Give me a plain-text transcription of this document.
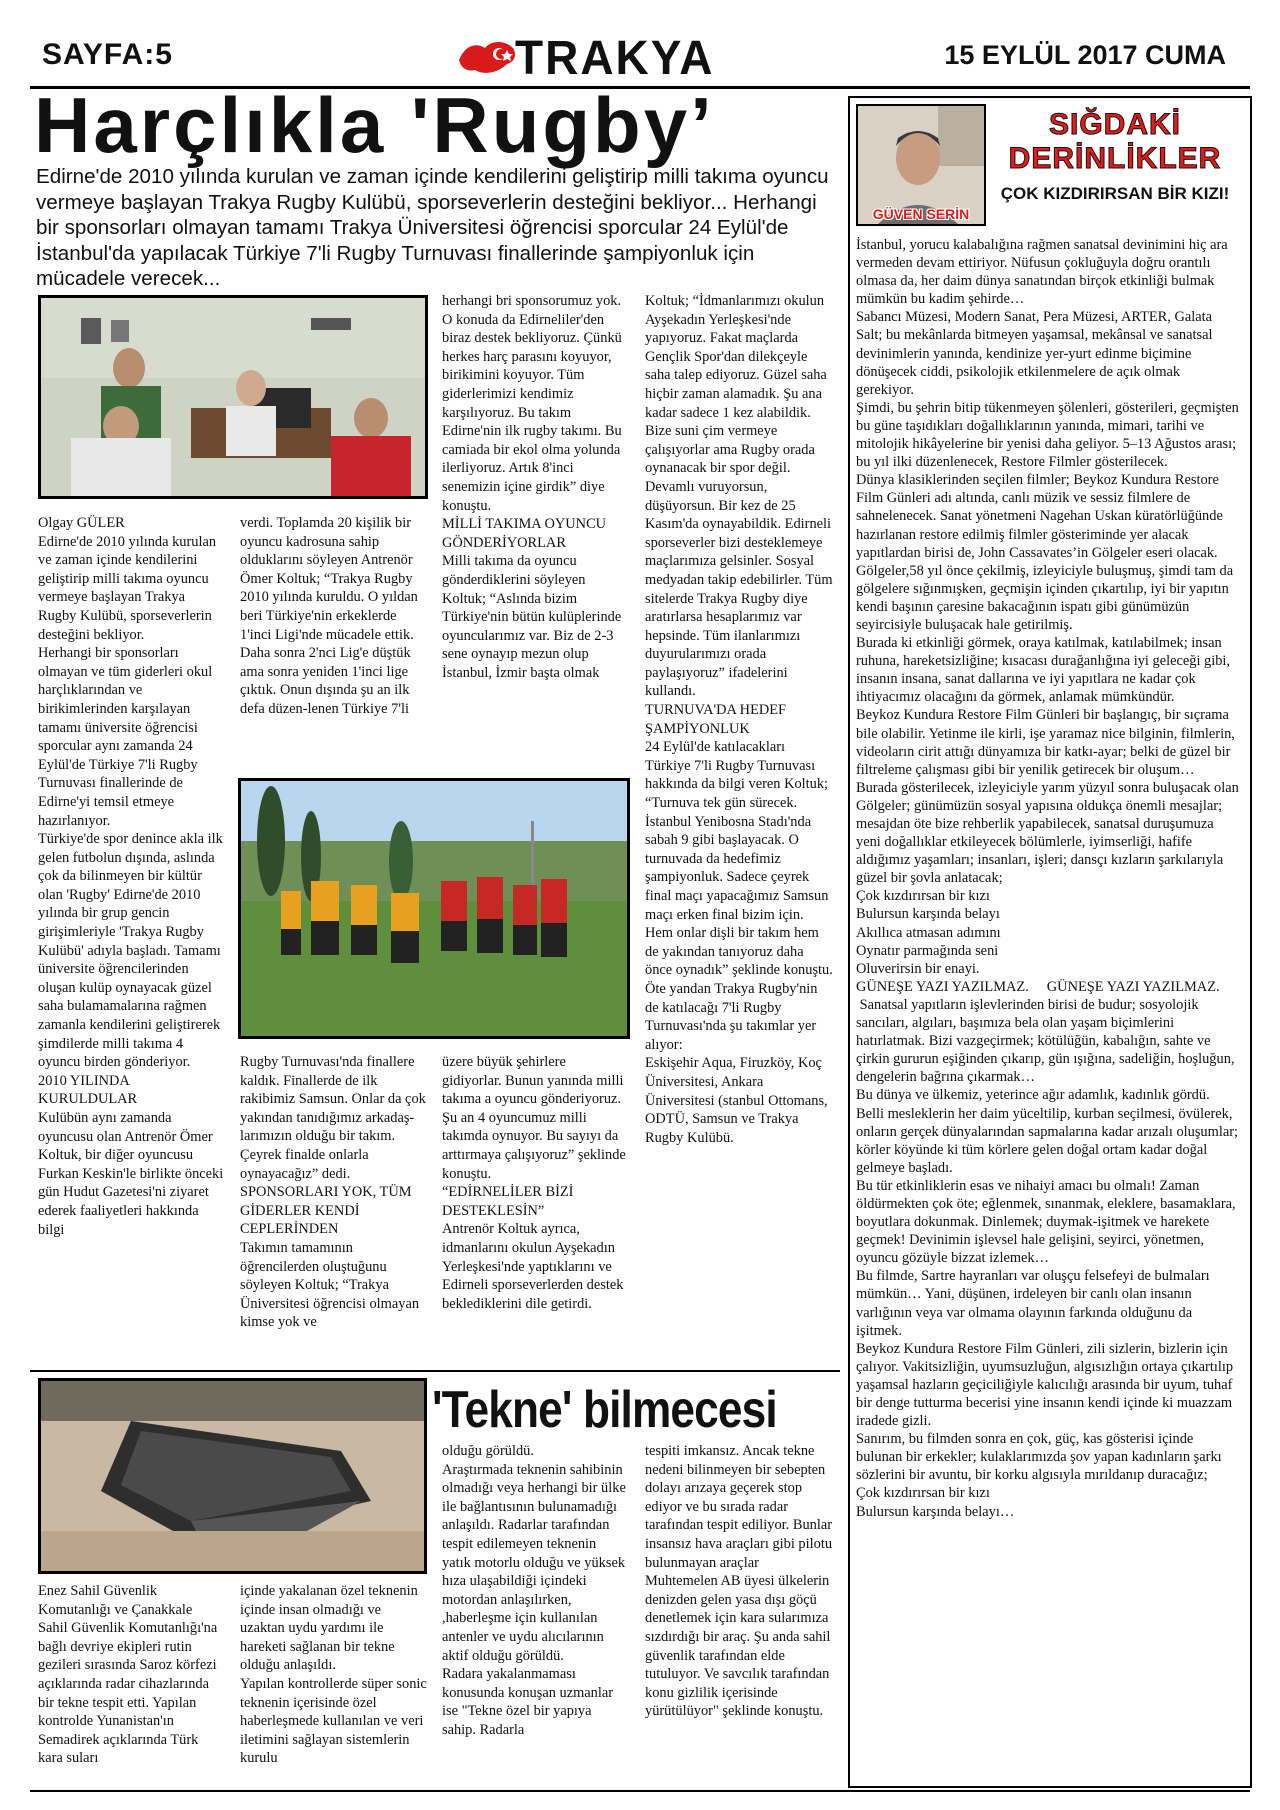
SAYFA:5	TRAKYA	15 EYLÜL 2017 CUMA
Harçlıkla 'Rugby’
Edirne'de 2010 yılında kurulan ve zaman içinde kendilerini geliştirip milli takıma oyuncu vermeye başlayan Trakya Rugby Kulübü, sporseverlerin desteğini bekliyor... Herhangi bir sponsorları olmayan tamamı Trakya Üniversitesi öğrencisi sporcular 24 Eylül'de İstanbul'da yapılacak Türkiye 7'li Rugby Turnuvası finallerinde şampiyonluk için mücadele verecek...
Olgay GÜLER
Edirne'de 2010 yılında kurulan ve zaman içinde kendilerini geliştirip milli takıma oyuncu vermeye başlayan Trakya Rugby Kulübü, sporseverlerin desteğini bekliyor.
Herhangi bir sponsorları olmayan ve tüm giderleri okul harçlıklarından ve birikimlerinden karşılayan tamamı üniversite öğrencisi sporcular aynı zamanda 24 Eylül'de Türkiye 7'li Rugby Turnuvası finallerinde de Edirne'yi temsil etmeye hazırlanıyor.
Türkiye'de spor denince akla ilk gelen futbolun dışında, aslında çok da bilinmeyen bir kültür olan 'Rugby' Edirne'de 2010 yılında bir grup gencin girişimleriyle 'Trakya Rugby Kulübü' adıyla başladı. Tamamı üniversite öğrencilerinden oluşan kulüp oynayacak güzel saha bulamamalarına rağmen zamanla kendilerini geliştirerek şimdilerde milli takıma 4 oyuncu birden gönderiyor.
2010 YILINDA KURULDULAR
Kulübün aynı zamanda oyuncusu olan Antrenör Ömer Koltuk, bir diğer oyuncusu Furkan Keskin'le birlikte önceki gün Hudut Gazetesi'ni ziyaret ederek faaliyetleri hakkında bilgi
verdi. Toplamda 20 kişilik bir oyuncu kadrosuna sahip olduklarını söyleyen Antrenör Ömer Koltuk; “Trakya Rugby 2010 yılında kuruldu. O yıldan beri Türkiye'nin erkeklerde 1'inci Ligi'nde mücadele ettik. Daha sonra 2'nci Lig'e düştük ama sonra yeniden 1'inci lige çıktık. Onun dışında şu an ilk defa düzen-lenen Türkiye 7'li
Rugby Turnuvası'nda finallere kaldık. Finallerde de ilk rakibimiz Samsun. Onlar da çok yakından tanıdığımız arkadaş-larımızın olduğu bir takım. Çeyrek finalde onlarla oynayacağız” dedi.
SPONSORLARI YOK, TÜM GİDERLER KENDİ CEPLERİNDEN
Takımın tamamının öğrencilerden oluştuğunu söyleyen Koltuk; “Trakya Üniversitesi öğrencisi olmayan kimse yok ve
herhangi bri sponsorumuz yok. O konuda da Edirneliler'den biraz destek bekliyoruz. Çünkü herkes harç parasını koyuyor, birikimini koyuyor. Tüm giderlerimizi kendimiz karşılıyoruz. Bu takım Edirne'nin ilk rugby takımı. Bu camiada bir ekol olma yolunda ilerliyoruz. Artık 8'inci senemizin içine girdik” diye konuştu.
MİLLİ TAKIMA OYUNCU GÖNDERİYORLAR
Milli takıma da oyuncu gönderdiklerini söyleyen Koltuk; “Aslında bizim Türkiye'nin bütün kulüplerinde oyuncularımız var. Biz de 2-3 sene oynayıp mezun olup İstanbul, İzmir başta olmak
üzere büyük şehirlere gidiyorlar. Bunun yanında milli takıma a oyuncu gönderiyoruz. Şu an 4 oyuncumuz milli takımda oynuyor. Bu sayıyı da arttırmaya çalışıyoruz” şeklinde konuştu.
“EDİRNELİLER BİZİ DESTEKLESİN”
Antrenör Koltuk ayrıca, idmanlarını okulun Ayşekadın Yerleşkesi'nde yaptıklarını ve Edirneli sporseverlerden destek beklediklerini dile getirdi.
Koltuk; “İdmanlarımızı okulun Ayşekadın Yerleşkesi'nde yapıyoruz. Fakat maçlarda Gençlik Spor'dan dilekçeyle saha talep ediyoruz. Güzel saha hiçbir zaman alamadık. Şu ana kadar sadece 1 kez alabildik. Bize suni çim vermeye çalışıyorlar ama Rugby orada oynanacak bir spor değil. Devamlı vuruyorsun, düşüyorsun. Bir kez de 25 Kasım'da oynayabildik. Edirneli sporseverler bizi desteklemeye maçlarımıza gelsinler. Sosyal medyadan takip edebilirler. Tüm sitelerde Trakya Rugby diye aratırlarsa hesaplarımız var hepsinde. Tüm ilanlarımızı duyurularımızı orada paylaşıyoruz” ifadelerini kullandı.
TURNUVA'DA HEDEF ŞAMPİYONLUK
24 Eylül'de katılacakları Türkiye 7'li Rugby Turnuvası hakkında da bilgi veren Koltuk; “Turnuva tek gün sürecek. İstanbul Yenibosna Stadı'nda sabah 9 gibi başlayacak. O turnuvada da hedefimiz şampiyonluk. Sadece çeyrek final maçı yapacağımız Samsun maçı erken final bizim için. Hem onlar dişli bir takım hem de yakından tanıyoruz daha önce oynadık” şeklinde konuştu.
Öte yandan Trakya Rugby'nin de katılacağı 7'li Rugby Turnuvası'nda şu takımlar yer alıyor:
Eskişehir Aqua, Firuzköy, Koç Üniversitesi, Ankara Üniversitesi (stanbul Ottomans, ODTÜ, Samsun ve Trakya Rugby Kulübü.
'Tekne' bilmecesi
Enez Sahil Güvenlik Komutanlığı ve Çanakkale Sahil Güvenlik Komutanlığı'na bağlı devriye ekipleri rutin gezileri sırasında Saroz körfezi açıklarında radar cihazlarında bir tekne tespit etti. Yapılan kontrolde Yunanistan'ın Semadirek açıklarında Türk kara suları
içinde yakalanan özel teknenin içinde insan olmadığı ve uzaktan uydu yardımı ile hareketi sağlanan bir tekne olduğu anlaşıldı.
Yapılan kontrollerde süper sonic teknenin içerisinde özel haberleşmede kullanılan ve veri iletimini sağlayan sistemlerin kurulu
olduğu görüldü.
Araştırmada teknenin sahibinin olmadığı veya herhangi bir ülke ile bağlantısının bulunamadığı anlaşıldı. Radarlar tarafından tespit edilemeyen teknenin yatık motorlu olduğu ve yüksek hıza ulaşabildiği içindeki motordan anlaşılırken, ,haberleşme için kullanılan antenler ve uydu alıcılarının aktif olduğu görüldü.
Radara yakalanmaması konusunda konuşan uzmanlar ise "Tekne özel bir yapıya sahip. Radarla
tespiti imkansız. Ancak tekne nedeni bilinmeyen bir sebepten dolayı arızaya geçerek stop ediyor ve bu sırada radar tarafından tespit ediliyor. Bunlar insansız hava araçları gibi pilotu bulunmayan araçlar Muhtemelen AB üyesi ülkelerin denizden gelen yasa dışı göçü denetlemek için kara sularımıza sızdırdığı bir araç. Şu anda sahil güvenlik tarafından elde tutuluyor. Ve savcılık tarafından konu gizlilik içerisinde yürütülüyor" şeklinde konuştu.
GÜVEN SERİN
SIĞDAKİ
DERİNLİKLER
ÇOK KIZDIRIRSAN BİR KIZI!
İstanbul, yorucu kalabalığına rağmen sanatsal devinimini hiç ara vermeden devam ettiriyor. Nüfusun çokluğuyla doğru orantılı olmasa da, her daim dünya sanatından birçok etkinliği bulmak mümkün bu kadim şehirde…
Sabancı Müzesi, Modern Sanat, Pera Müzesi, ARTER, Galata Salt; bu mekânlarda bitmeyen yaşamsal, mekânsal ve sanatsal devinimlerin yanında, kendinize yer-yurt edinme biçimine dönüşecek ciddi, psikolojik etkilenmelere de açık olmak gerekiyor.
Şimdi, bu şehrin bitip tükenmeyen şölenleri, gösterileri, geçmişten bu güne taşıdıkları doğallıklarının yanında, mimari, tarihi ve mitolojik hikâyelerine bir yenisi daha geliyor. 5–13 Ağustos arası; bu yıl ilki düzenlenecek, Restore Filmler gösterilecek.
Dünya klasiklerinden seçilen filmler; Beykoz Kundura Restore Film Günleri adı altında, canlı müzik ve sessiz filmlere de sahnelenecek. Sanat yönetmeni Nagehan Uskan küratörlüğünde hazırlanan restore edilmiş filmler gösteriminde yer alacak yapıtlardan birisi de, John Cassavates’in Gölgeler eseri olacak.
Gölgeler,58 yıl önce çekilmiş, izleyiciyle buluşmuş, şimdi tam da gölgelere sığınmışken, geçmişin içinden çıkartılıp, iyi bir yapıtın kendi başının çaresine bakacağının ispatı gibi günümüzün seyircisiyle buluşacak hale getirilmiş.
Burada ki etkinliği görmek, oraya katılmak, katılabilmek; insan ruhuna, hareketsizliğine; kısacası durağanlığına iyi geleceği gibi, insanın insana, sanat dallarına ve iyi yapıtlara ne kadar çok ihtiyacımız olacağını da görmek, anlamak mümkündür.
Beykoz Kundura Restore Film Günleri bir başlangıç, bir sıçrama bile olabilir. Yetinme ile kirli, işe yaramaz nice bilginin, filmlerin, videoların cirit attığı dünyamıza bir katkı-ayar; belki de güzel bir filtreleme çalışması gibi bir yenilik getirecek bir oluşum…
Burada gösterilecek, izleyiciyle yarım yüzyıl sonra buluşacak olan Gölgeler; günümüzün sosyal yapısına oldukça önemli mesajlar; mesajdan öte bize rehberlik yapabilecek, sanatsal duruşumuza yeni doğallıklar etkileyecek bölümlerle, iyimserliği, hafife aldığımız yaşamları; insanları, işleri; dansçı kızların şarkılarıyla güzel bir şovla anlatacak;
Çok kızdırırsan bir kızı
Bulursun karşında belayı
Akıllıca atmasan adımını
Oynatır parmağında seni
Oluverirsin bir enayi.
GÜNEŞE YAZI YAZILMAZ.     GÜNEŞE YAZI YAZILMAZ.
Sanatsal yapıtların işlevlerinden birisi de budur; sosyolojik sancıları, algıları, başımıza bela olan yaşam biçimlerini hatırlatmak. Bizi vazgeçirmek; kötülüğün, kabalığın, sahte ve çirkin gururun eşiğinden çıkarıp, gün ışığına, sadeliğin, hoşluğun, dengelerin bağrına çıkarmak…
Bu dünya ve ülkemiz, yeterince ağır adamlık, kadınlık gördü. Belli mesleklerin her daim yüceltilip, kurban seçilmesi, övülerek, onların gerçek dünyalarından sapmalarına kadar arızalı oluşumlar; körler köyünde ki tüm körlere gelen doğal ortam kadar doğal gelmeye başladı.
Bu tür etkinliklerin esas ve nihaiyi amacı bu olmalı! Zaman öldürmekten çok öte; eğlenmek, sınanmak, eleklere, basamaklara, boyutlara dokunmak. Dinlemek; duymak-işitmek ve harekete geçmek! Devinimin işlevsel hale gelişini, seyirci, yönetmen, oyuncu gözüyle bizzat izlemek…
Bu filmde, Sartre hayranları var oluşçu felsefeyi de bulmaları mümkün… Yani, düşünen, irdeleyen bir canlı olan insanın varlığının veya var olmama olayının farkında olduğunu da işitmek.
Beykoz Kundura Restore Film Günleri, zili sizlerin, bizlerin için çalıyor. Vakitsizliğin, uyumsuzluğun, algısızlığın ortaya çıkartılıp yaşamsal hazların geçiciliğiyle kalıcılığı arasında bir uyum, tuhaf bir denge tutturma becerisi yine insanın kendi içinde ki muazzam iradede gizli.
Sanırım, bu filmden sonra en çok, güç, kas gösterisi içinde bulunan bir erkekler; kulaklarımızda şov yapan kadınların şarkı sözlerini bir avuntu, bir korku algısıyla mırıldanıp duracağız;
Çok kızdırırsan bir kızı
Bulursun karşında belayı…
